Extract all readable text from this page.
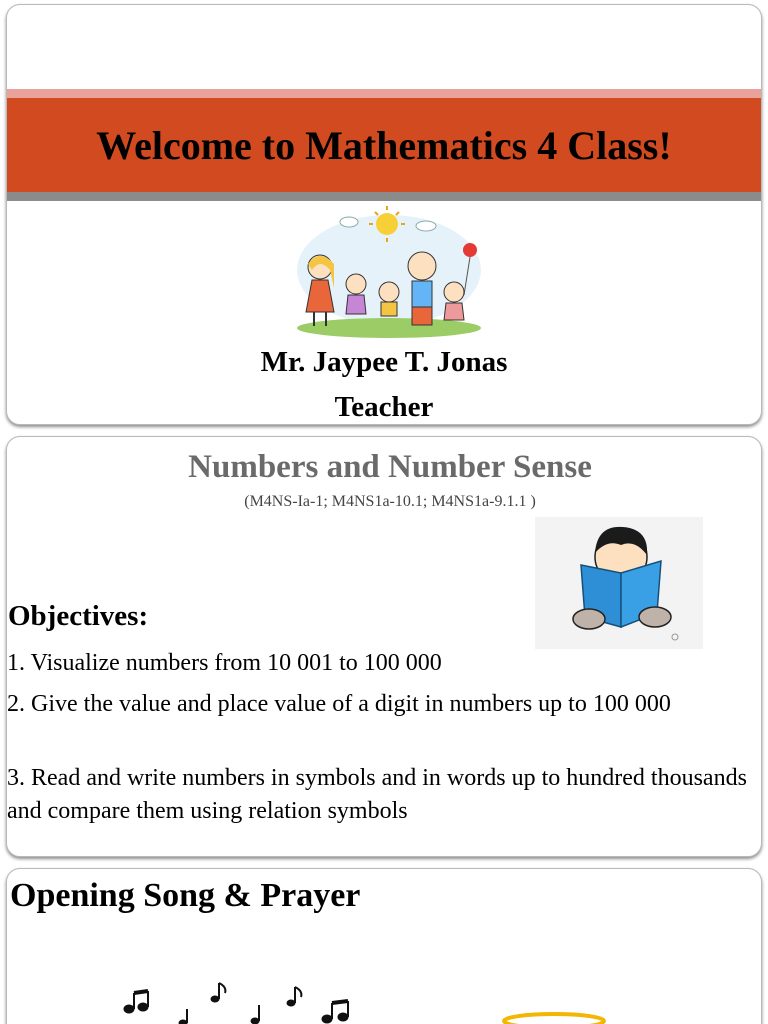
Welcome to Mathematics 4 Class!
Mr. Jaypee T. Jonas
Teacher
Numbers and Number Sense
(M4NS-Ia-1; M4NS1a-10.1; M4NS1a-9.1.1 )
Objectives:
1. Visualize numbers from 10 001 to 100 000
2. Give the value and place value of a digit in numbers up to 100 000
3. Read and write numbers in symbols and in words up to hundred thousands and compare them using relation symbols
Opening Song & Prayer
